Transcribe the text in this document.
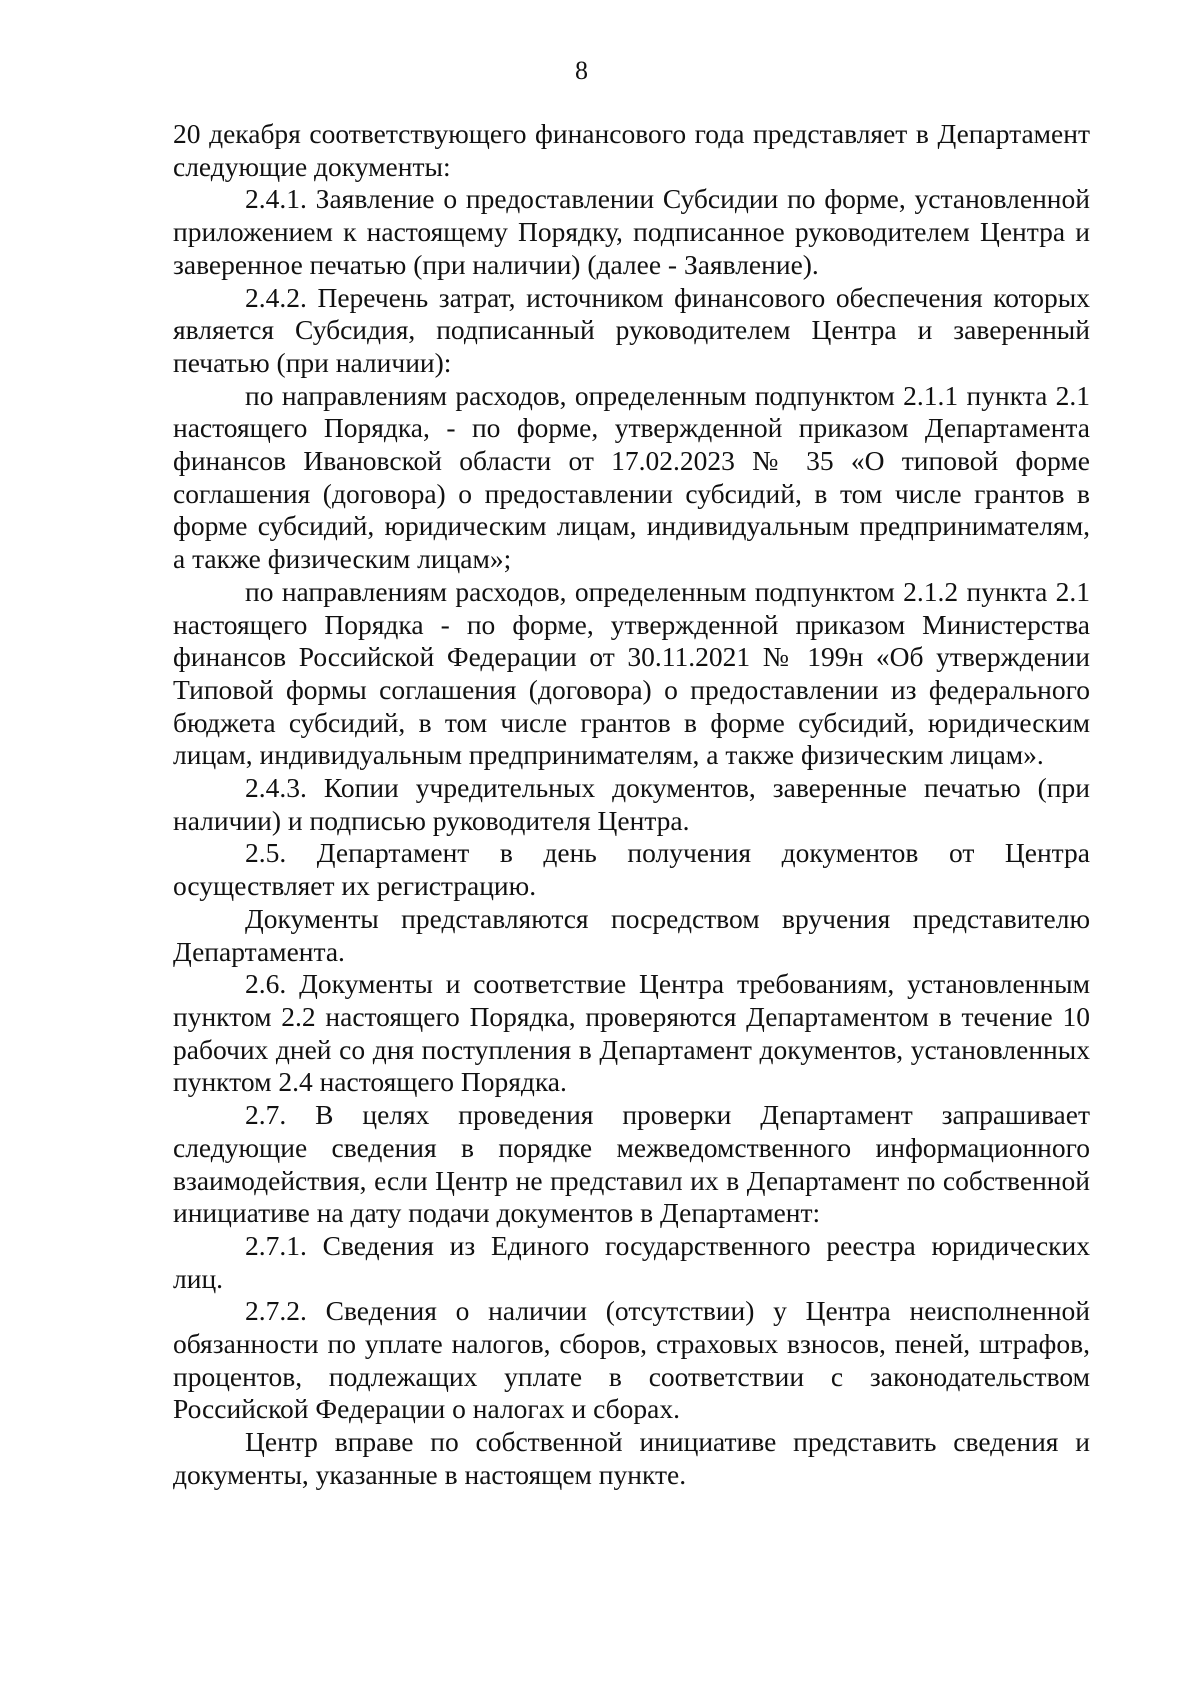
8

20 декабря соответствующего финансового года представляет в Департамент следующие документы:

2.4.1. Заявление о предоставлении Субсидии по форме, установленной приложением к настоящему Порядку, подписанное руководителем Центра и заверенное печатью (при наличии) (далее - Заявление).

2.4.2. Перечень затрат, источником финансового обеспечения которых является Субсидия, подписанный руководителем Центра и заверенный печатью (при наличии):

по направлениям расходов, определенным подпунктом 2.1.1 пункта 2.1 настоящего Порядка, - по форме, утвержденной приказом Департамента финансов Ивановской области от 17.02.2023 № 35 «О типовой форме соглашения (договора) о предоставлении субсидий, в том числе грантов в форме субсидий, юридическим лицам, индивидуальным предпринимателям, а также физическим лицам»;

по направлениям расходов, определенным подпунктом 2.1.2 пункта 2.1 настоящего Порядка - по форме, утвержденной приказом Министерства финансов Российской Федерации от 30.11.2021 № 199н «Об утверждении Типовой формы соглашения (договора) о предоставлении из федерального бюджета субсидий, в том числе грантов в форме субсидий, юридическим лицам, индивидуальным предпринимателям, а также физическим лицам».

2.4.3. Копии учредительных документов, заверенные печатью (при наличии) и подписью руководителя Центра.

2.5. Департамент в день получения документов от Центра осуществляет их регистрацию.

Документы представляются посредством вручения представителю Департамента.

2.6. Документы и соответствие Центра требованиям, установленным пунктом 2.2 настоящего Порядка, проверяются Департаментом в течение 10 рабочих дней со дня поступления в Департамент документов, установленных пунктом 2.4 настоящего Порядка.

2.7. В целях проведения проверки Департамент запрашивает следующие сведения в порядке межведомственного информационного взаимодействия, если Центр не представил их в Департамент по собственной инициативе на дату подачи документов в Департамент:

2.7.1. Сведения из Единого государственного реестра юридических лиц.

2.7.2. Сведения о наличии (отсутствии) у Центра неисполненной обязанности по уплате налогов, сборов, страховых взносов, пеней, штрафов, процентов, подлежащих уплате в соответствии с законодательством Российской Федерации о налогах и сборах.

Центр вправе по собственной инициативе представить сведения и документы, указанные в настоящем пункте.
